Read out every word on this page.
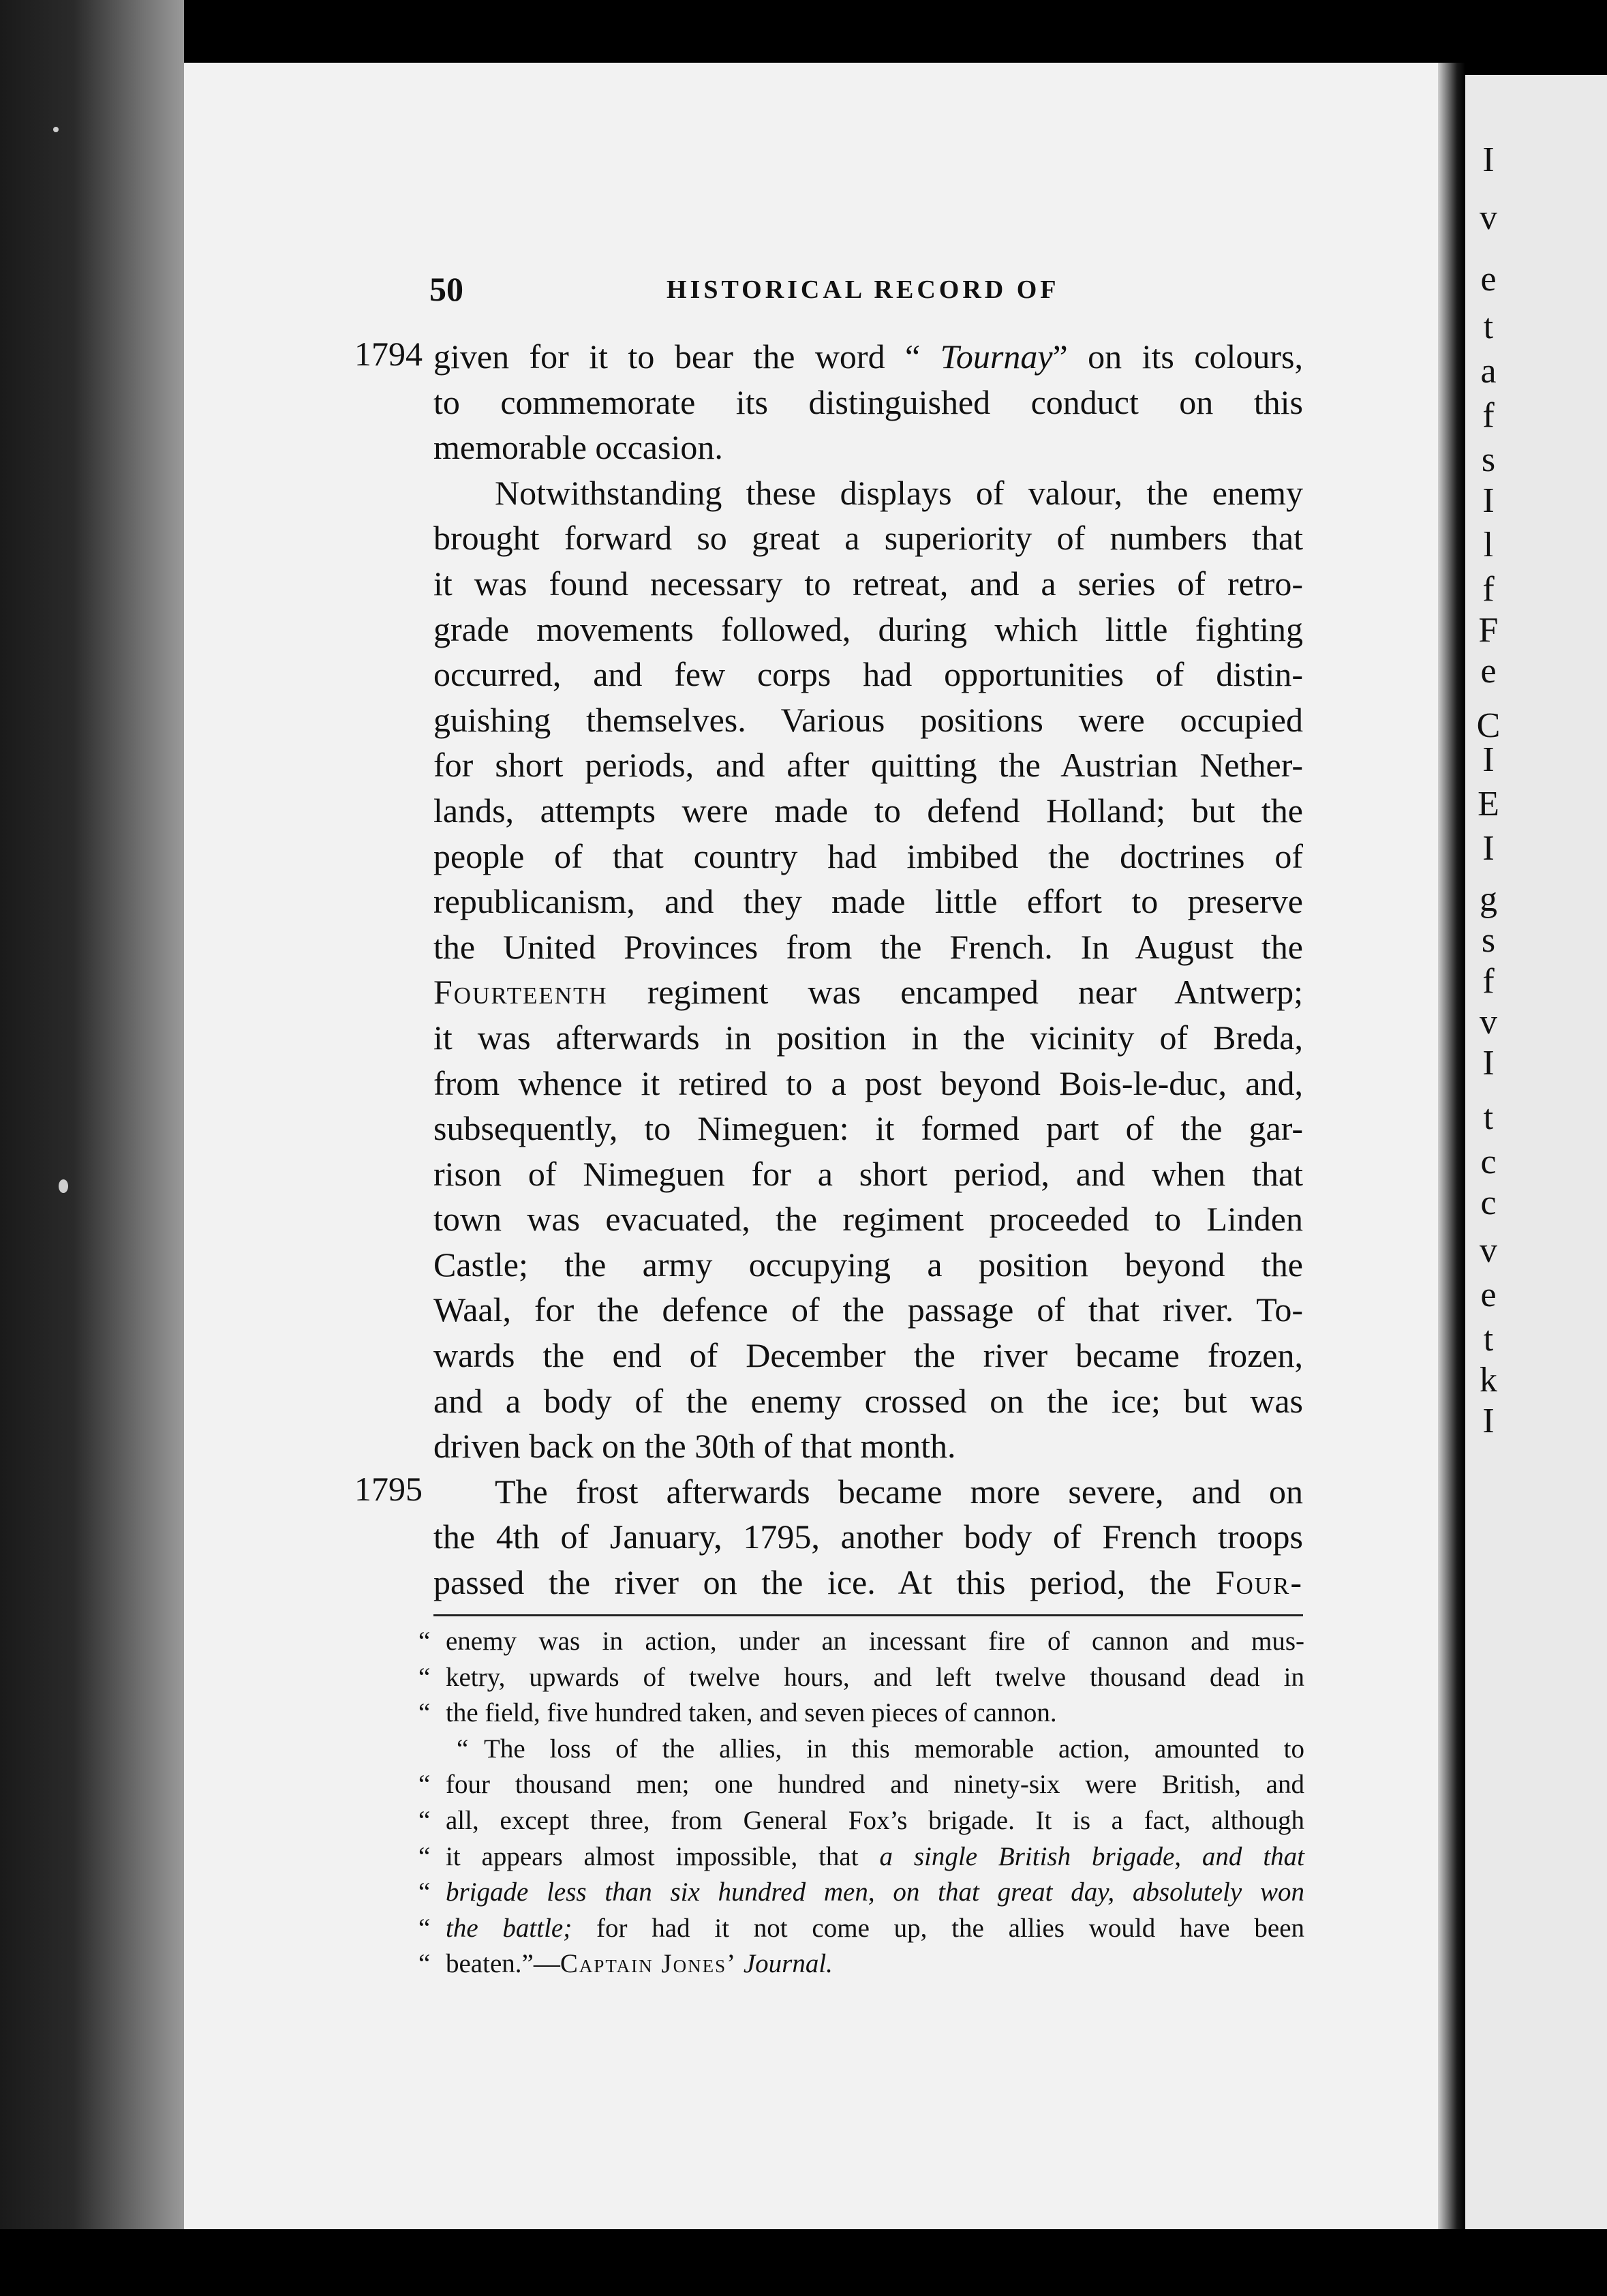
I
v
e
t
a
f
s
I
l
f
F
e
C
I
E
I
g
s
f
v
I
t
c
c
v
e
t
k
I
50	HISTORICAL RECORD OF
1794
1795
given for it to bear the word “ Tournay” on its colours,
to commemorate its distinguished conduct on this
memorable occasion.
Notwithstanding these displays of valour, the enemy
brought forward so great a superiority of numbers that
it was found necessary to retreat, and a series of retro-
grade movements followed, during which little fighting
occurred, and few corps had opportunities of distin-
guishing themselves. Various positions were occupied
for short periods, and after quitting the Austrian Nether-
lands, attempts were made to defend Holland; but the
people of that country had imbibed the doctrines of
republicanism, and they made little effort to preserve
the United Provinces from the French. In August the
Fourteenth regiment was encamped near Antwerp;
it was afterwards in position in the vicinity of Breda,
from whence it retired to a post beyond Bois-le-duc, and,
subsequently, to Nimeguen: it formed part of the gar-
rison of Nimeguen for a short period, and when that
town was evacuated, the regiment proceeded to Linden
Castle; the army occupying a position beyond the
Waal, for the defence of the passage of that river. To-
wards the end of December the river became frozen,
and a body of the enemy crossed on the ice; but was
driven back on the 30th of that month.
The frost afterwards became more severe, and on
the 4th of January, 1795, another body of French troops
passed the river on the ice. At this period, the Four-
“ enemy was in action, under an incessant fire of cannon and mus-
“ ketry, upwards of twelve hours, and left twelve thousand dead in
“ the field, five hundred taken, and seven pieces of cannon.
“ The loss of the allies, in this memorable action, amounted to
“ four thousand men; one hundred and ninety-six were British, and
“ all, except three, from General Fox’s brigade. It is a fact, although
“ it appears almost impossible, that a single British brigade, and that
“ brigade less than six hundred men, on that great day, absolutely won
“ the battle; for had it not come up, the allies would have been
“ beaten.”—Captain Jones’ Journal.
